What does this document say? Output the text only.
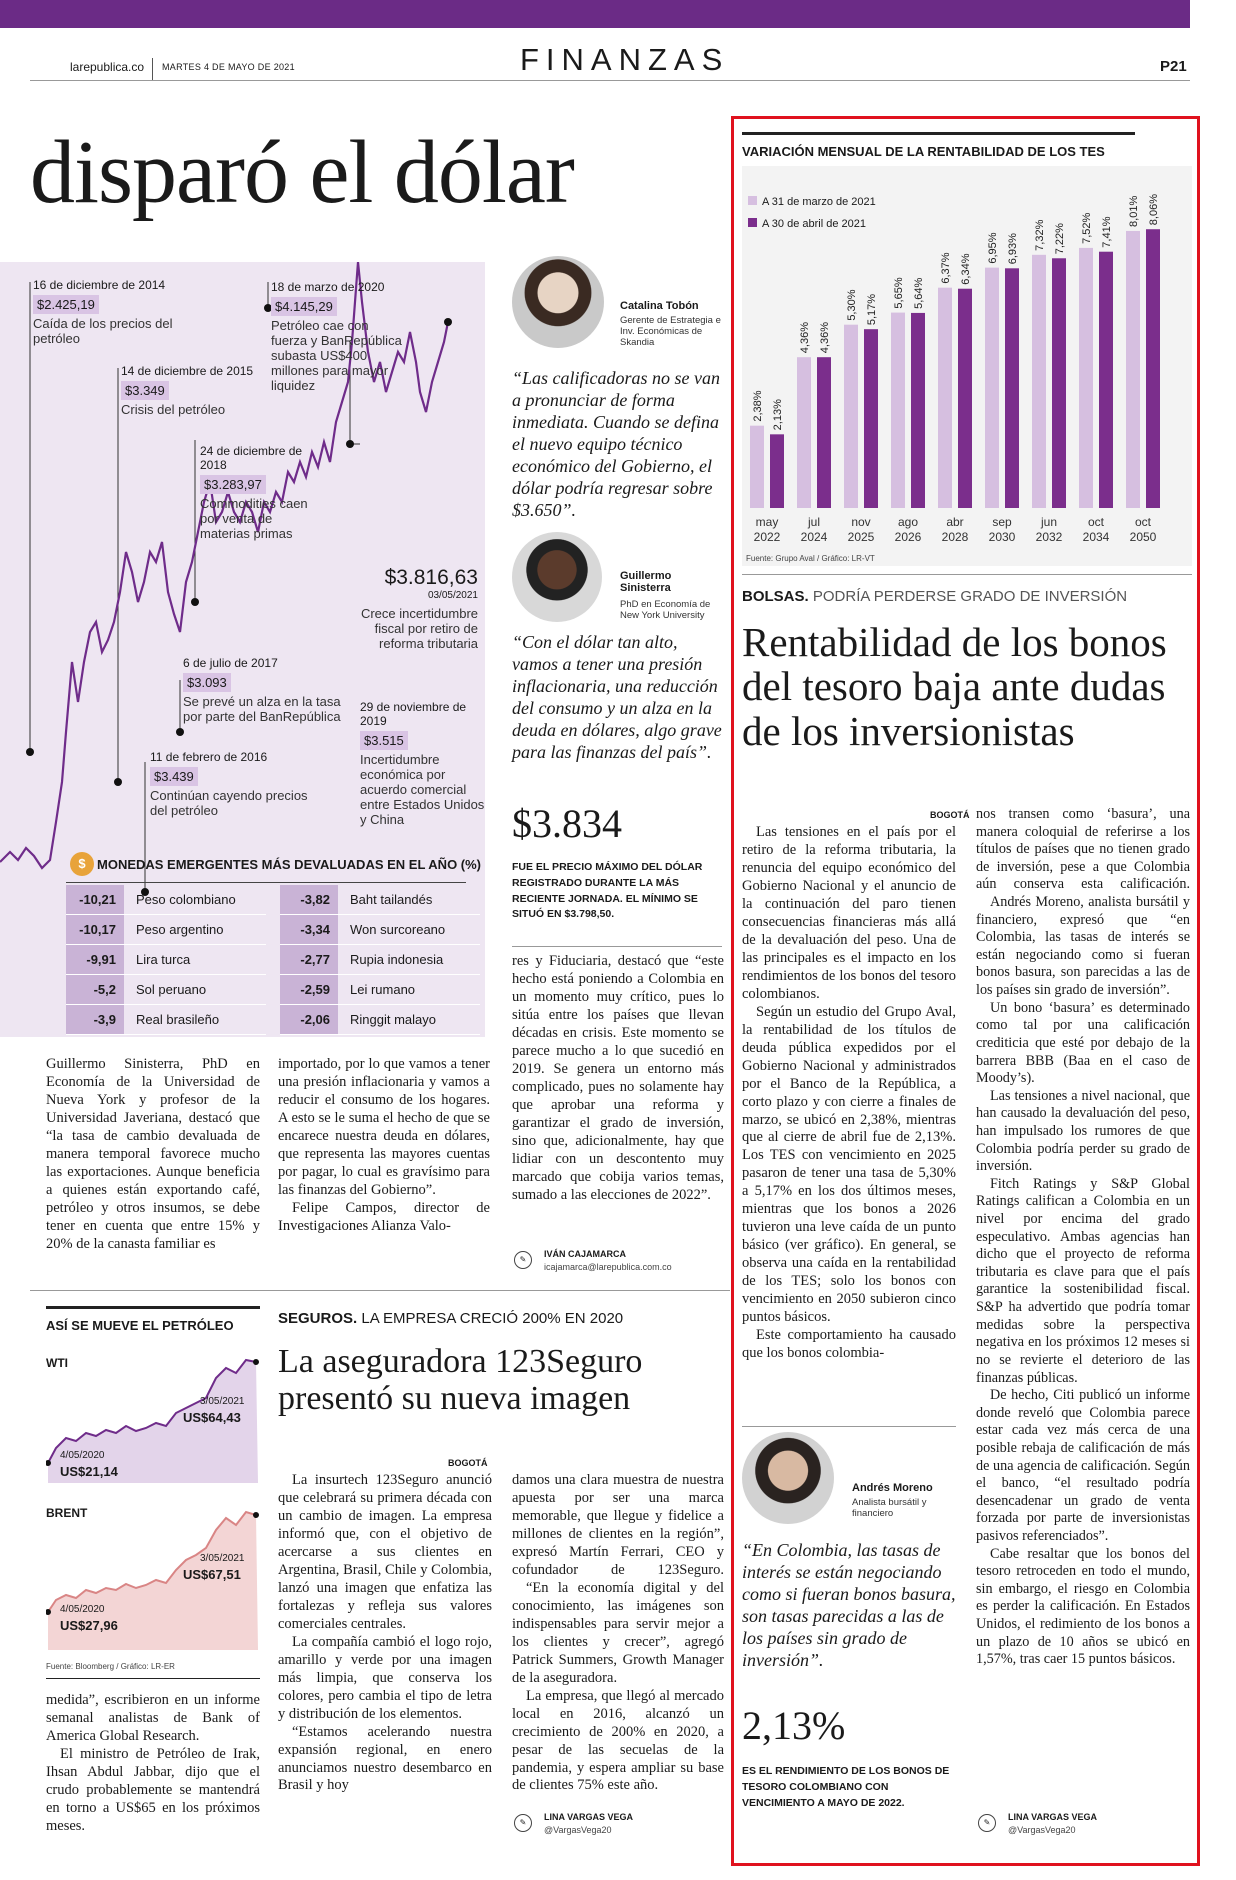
larepublica.co MARTES 4 DE MAYO DE 2021	FINANZAS	P21
disparó el dólar
16 de diciembre de 2014
$2.425,19
Caída de los precios del petróleo
14 de diciembre de 2015
$3.349
Crisis del petróleo
18 de marzo de 2020
$4.145,29
Petróleo cae con fuerza y BanRepública subasta US$400 millones para mayor liquidez
24 de diciembre de 2018
$3.283,97
Commodities caen por venta de materias primas
6 de julio de 2017
$3.093
Se prevé un alza en la tasa por parte del BanRepública
11 de febrero de 2016
$3.439
Continúan cayendo precios del petróleo
29 de noviembre de 2019
$3.515
Incertidumbre económica por acuerdo comercial entre Estados Unidos y China
$3.816,63
03/05/2021
Crece incertidumbre fiscal por retiro de reforma tributaria
$ MONEDAS EMERGENTES MÁS DEVALUADAS EN EL AÑO (%)
-10,21	Peso colombiano
-10,17	Peso argentino
-9,91	Lira turca
-5,2	Sol peruano
-3,9	Real brasileño
-3,82	Baht tailandés
-3,34	Won surcoreano
-2,77	Rupia indonesia
-2,59	Lei rumano
-2,06	Ringgit malayo
Guillermo Sinisterra, PhD en Economía de la Universidad de Nueva York y profesor de la Universidad Javeriana, destacó que “la tasa de cambio devaluada de manera temporal favorece mucho las exportaciones. Aunque beneficia a quienes están exportando café, petróleo y otros insumos, se debe tener en cuenta que entre 15% y 20% de la canasta familiar es
importado, por lo que vamos a tener una presión inflacionaria y vamos a reducir el consumo de los hogares. A esto se le suma el hecho de que se encarece nuestra deuda en dólares, que representa las mayores cuentas por pagar, lo cual es gravísimo para las finanzas del Gobierno”.
Felipe Campos, director de Investigaciones Alianza Valo-
Catalina Tobón
Gerente de Estrategia e Inv. Económicas de Skandia
“Las calificadoras no se van a pronunciar de forma inmediata. Cuando se defina el nuevo equipo técnico económico del Gobierno, el dólar podría regresar sobre $3.650”.
Guillermo Sinisterra
PhD en Economía de New York University
“Con el dólar tan alto, vamos a tener una presión inflacionaria, una reducción del consumo y un alza en la deuda en dólares, algo grave para las finanzas del país”.
$3.834
FUE EL PRECIO MÁXIMO DEL DÓLAR REGISTRADO DURANTE LA MÁS RECIENTE JORNADA. EL MÍNIMO SE SITUÓ EN $3.798,50.
res y Fiduciaria, destacó que “este hecho está poniendo a Colombia en un momento muy crítico, pues lo sitúa entre los países que llevan décadas en crisis. Este momento se parece mucho a lo que sucedió en 2019. Se genera un entorno más complicado, pues no solamente hay que aprobar una reforma y garantizar el grado de inversión, sino que, adicionalmente, hay que lidiar con un descontento muy marcado que cobija varios temas, sumado a las elecciones de 2022”.
✎
IVÁN CAJAMARCA
icajamarca@larepublica.com.co
ASÍ SE MUEVE EL PETRÓLEO
WTI
3/05/2021
US$64,43
4/05/2020
US$21,14
BRENT
3/05/2021
US$67,51
4/05/2020
US$27,96
Fuente: Bloomberg / Gráfico: LR-ER
medida”, escribieron en un informe semanal analistas de Bank of America Global Research.
El ministro de Petróleo de Irak, Ihsan Abdul Jabbar, dijo que el crudo probablemente se mantendrá en torno a US$65 en los próximos meses.
SEGUROS. LA EMPRESA CRECIÓ 200% EN 2020
La aseguradora 123Seguro presentó su nueva imagen
BOGOTÁ
La insurtech 123Seguro anunció que celebrará su primera década con un cambio de imagen. La empresa informó que, con el objetivo de acercarse a sus clientes en Argentina, Brasil, Chile y Colombia, lanzó una imagen que enfatiza las fortalezas y refleja sus valores comerciales centrales. La compañía cambió el logo rojo, amarillo y verde por una imagen más limpia, que conserva los colores, pero cambia el tipo de letra y distribución de los elementos. “Estamos acelerando nuestra expansión regional, en enero anunciamos nuestro desembarco en Brasil y hoy
damos una clara muestra de nuestra apuesta por ser una marca memorable, que llegue y fidelice a millones de clientes en la región”, expresó Martín Ferrari, CEO y cofundador de 123Seguro. “En la economía digital y del conocimiento, las imágenes son indispensables para servir mejor a los clientes y crecer”, agregó Patrick Summers, Growth Manager de la aseguradora. La empresa, que llegó al mercado local en 2016, alcanzó un crecimiento de 200% en 2020, a pesar de las secuelas de la pandemia, y espera ampliar su base de clientes 75% este año.
✎
LINA VARGAS VEGA
@VargasVega20
VARIACIÓN MENSUAL DE LA RENTABILIDAD DE LOS TES
A 31 de marzo de 2021
A 30 de abril de 2021
2,38% 2,13%
may
2022
4,36% 4,36%
jul
2024
5,30% 5,17%
nov
2025
5,65% 5,64%
ago
2026
6,37% 6,34%
abr
2028
6,95% 6,93%
sep
2030
7,32% 7,22%
jun
2032
7,52% 7,41%
oct
2034
8,01% 8,06%
oct
2050
Fuente: Grupo Aval / Gráfico: LR-VT
BOLSAS. PODRÍA PERDERSE GRADO DE INVERSIÓN
Rentabilidad de los bonos del tesoro baja ante dudas de los inversionistas
BOGOTÁ
Las tensiones en el país por el retiro de la reforma tributaria, la renuncia del equipo económico del Gobierno Nacional y el anuncio de la continuación del paro tienen consecuencias financieras más allá de la devaluación del peso. Una de las principales es el impacto en los rendimientos de los bonos del tesoro colombianos. Según un estudio del Grupo Aval, la rentabilidad de los títulos de deuda pública expedidos por el Gobierno Nacional y administrados por el Banco de la República, a corto plazo y con cierre a finales de marzo, se ubicó en 2,38%, mientras que al cierre de abril fue de 2,13%. Los TES con vencimiento en 2025 pasaron de tener una tasa de 5,30% a 5,17% en los dos últimos meses, mientras que los bonos a 2026 tuvieron una leve caída de un punto básico (ver gráfico). En general, se observa una caída en la rentabilidad de los TES; solo los bonos con vencimiento en 2050 subieron cinco puntos básicos. Este comportamiento ha causado que los bonos colombia-
nos transen como ‘basura’, una manera coloquial de referirse a los títulos de países que no tienen grado de inversión, pese a que Colombia aún conserva esta calificación. Andrés Moreno, analista bursátil y financiero, expresó que “en Colombia, las tasas de interés se están negociando como si fueran bonos basura, son parecidas a las de los países sin grado de inversión”. Un bono ‘basura’ es determinado como tal por una calificación crediticia que esté por debajo de la barrera BBB (Baa en el caso de Moody’s). Las tensiones a nivel nacional, que han causado la devaluación del peso, han impulsado los rumores de que Colombia podría perder su grado de inversión. Fitch Ratings y S&P Global Ratings califican a Colombia en un nivel por encima del grado especulativo. Ambas agencias han dicho que el proyecto de reforma tributaria es clave para que el país garantice la sostenibilidad fiscal. S&P ha advertido que podría tomar medidas sobre la perspectiva negativa en los próximos 12 meses si no se revierte el deterioro de las finanzas públicas. De hecho, Citi publicó un informe donde reveló que Colombia parece estar cada vez más cerca de una posible rebaja de calificación de más de una agencia de calificación. Según el banco, “el resultado podría desencadenar un grado de venta forzada por parte de inversionistas pasivos referenciados”. Cabe resaltar que los bonos del tesoro retroceden en todo el mundo, sin embargo, el riesgo en Colombia es perder la calificación. En Estados Unidos, el redimiento de los bonos a un plazo de 10 años se ubicó en 1,57%, tras caer 15 puntos básicos.
Andrés Moreno
Analista bursátil y financiero
“En Colombia, las tasas de interés se están negociando como si fueran bonos basura, son tasas parecidas a las de los países sin grado de inversión”.
2,13%
ES EL RENDIMIENTO DE LOS BONOS DE TESORO COLOMBIANO CON VENCIMIENTO A MAYO DE 2022.
✎
LINA VARGAS VEGA
@VargasVega20
